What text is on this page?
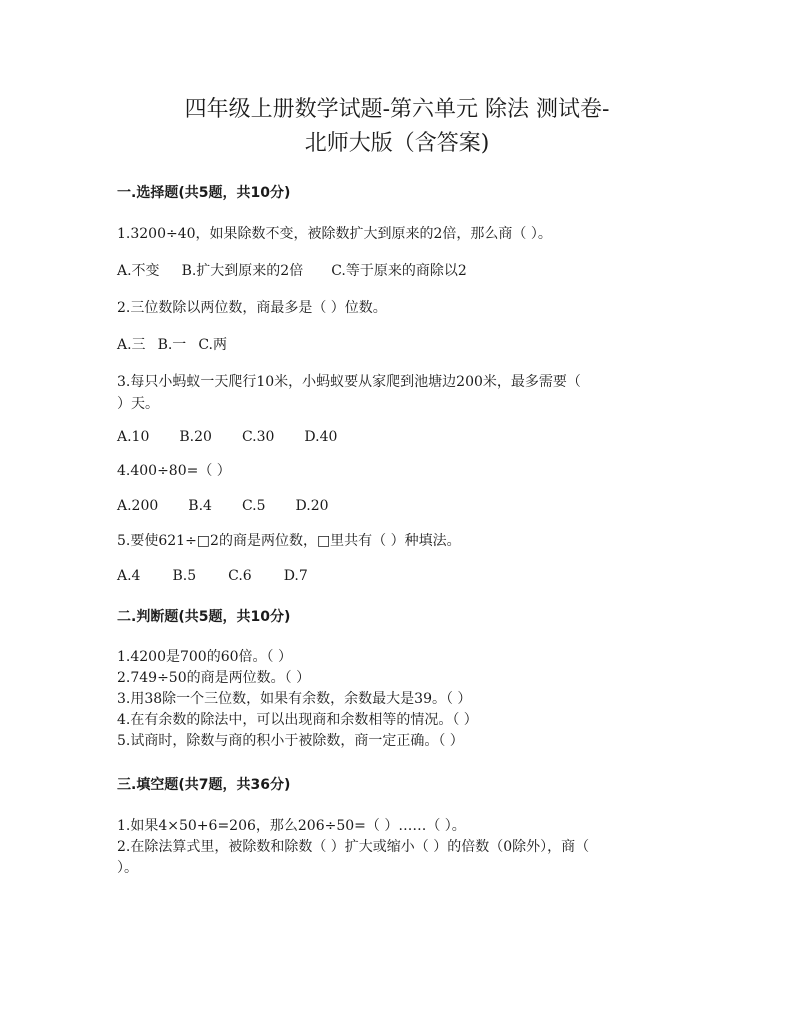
四年级上册数学试题-第六单元 除法 测试卷-
北师大版（含答案)

一.选择题(共5题，共10分)

1.3200÷40，如果除数不变，被除数扩大到原来的2倍，那么商（ ）。

A.不变 B.扩大到原来的2倍 C.等于原来的商除以2

2.三位数除以两位数，商最多是（ ）位数。

A.三 B.一 C.两

3.每只小蚂蚁一天爬行10米，小蚂蚁要从家爬到池塘边200米，最多需要（

）天。

A.10 B.20 C.30 D.40

4.400÷80=（ ）

A.200 B.4 C.5 D.20

5.要使621÷□2的商是两位数，□里共有（ ）种填法。

A.4 B.5 C.6 D.7

二.判断题(共5题，共10分)

1.4200是700的60倍。（ ）

2.749÷50的商是两位数。（ ）

3.用38除一个三位数，如果有余数，余数最大是39。（ ）

4.在有余数的除法中，可以出现商和余数相等的情况。（ ）

5.试商时，除数与商的积小于被除数，商一定正确。（ ）

三.填空题(共7题，共36分)

1.如果4×50+6=206，那么206÷50=（ ）……（ ）。

2.在除法算式里，被除数和除数（ ）扩大或缩小（ ）的倍数（0除外），商（

）。
